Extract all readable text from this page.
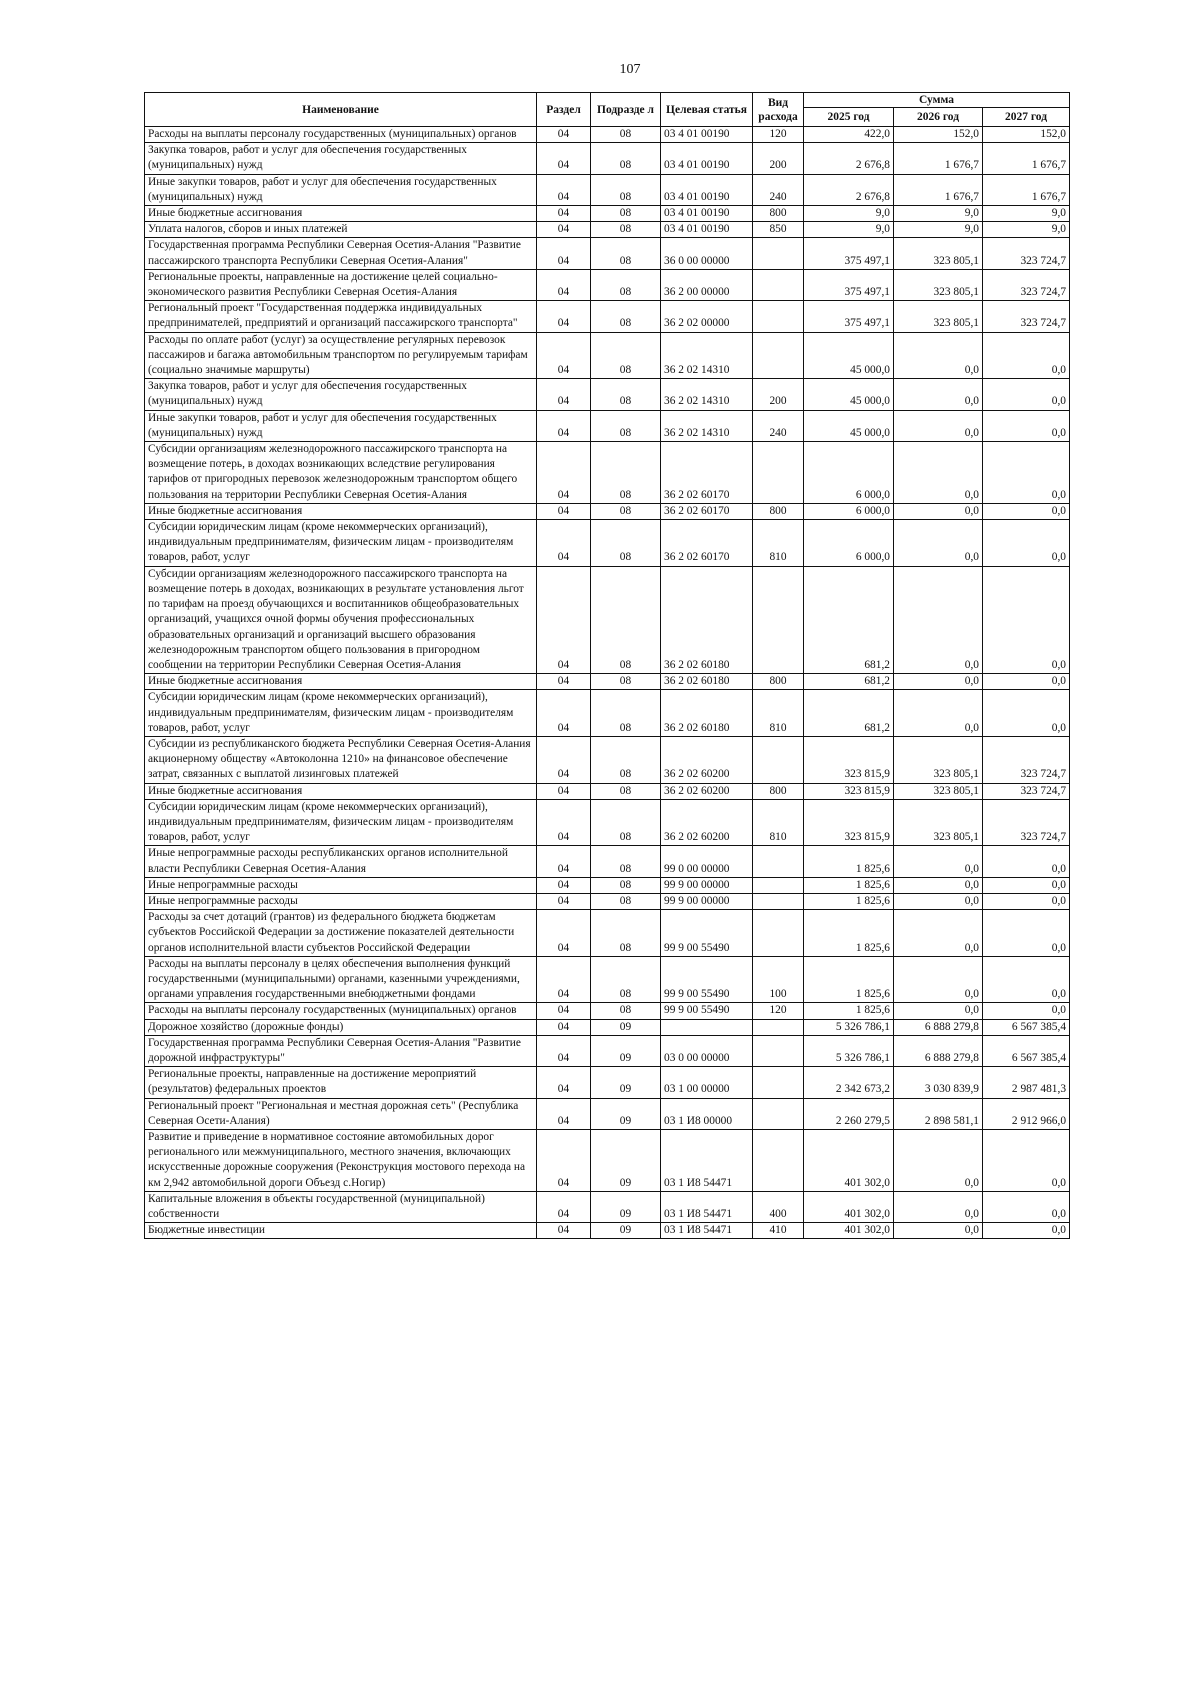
107
Наименование	Раздел	Подразде л	Целевая статья	Вид расхода	Сумма		
					2025 год	2026 год	2027 год
Расходы на выплаты персоналу государственных (муниципальных) органов	04	08	03 4 01 00190	120	422,0	152,0	152,0
Закупка товаров, работ и услуг для обеспечения государственных (муниципальных) нужд	04	08	03 4 01 00190	200	2 676,8	1 676,7	1 676,7
Иные закупки товаров, работ и услуг для обеспечения государственных (муниципальных) нужд	04	08	03 4 01 00190	240	2 676,8	1 676,7	1 676,7
Иные бюджетные ассигнования	04	08	03 4 01 00190	800	9,0	9,0	9,0
Уплата налогов, сборов и иных платежей	04	08	03 4 01 00190	850	9,0	9,0	9,0
Государственная программа Республики Северная Осетия-Алания "Развитие пассажирского транспорта Республики Северная Осетия-Алания"	04	08	36 0 00 00000		375 497,1	323 805,1	323 724,7
Региональные проекты, направленные на достижение целей социально-экономического развития Республики Северная Осетия-Алания	04	08	36 2 00 00000		375 497,1	323 805,1	323 724,7
Региональный проект "Государственная поддержка индивидуальных предпринимателей, предприятий и организаций пассажирского транспорта"	04	08	36 2 02 00000		375 497,1	323 805,1	323 724,7
Расходы по оплате работ (услуг) за осуществление регулярных перевозок пассажиров и багажа автомобильным транспортом по регулируемым тарифам (социально значимые маршруты)	04	08	36 2 02 14310		45 000,0	0,0	0,0
Закупка товаров, работ и услуг для обеспечения государственных (муниципальных) нужд	04	08	36 2 02 14310	200	45 000,0	0,0	0,0
Иные закупки товаров, работ и услуг для обеспечения государственных (муниципальных) нужд	04	08	36 2 02 14310	240	45 000,0	0,0	0,0
Субсидии организациям железнодорожного пассажирского транспорта на возмещение потерь, в доходах возникающих вследствие регулирования тарифов от пригородных перевозок железнодорожным транспортом общего пользования на территории Республики Северная Осетия-Алания	04	08	36 2 02 60170		6 000,0	0,0	0,0
Иные бюджетные ассигнования	04	08	36 2 02 60170	800	6 000,0	0,0	0,0
Субсидии юридическим лицам (кроме некоммерческих организаций), индивидуальным предпринимателям, физическим лицам - производителям товаров, работ, услуг	04	08	36 2 02 60170	810	6 000,0	0,0	0,0
Субсидии организациям железнодорожного пассажирского транспорта на возмещение потерь в доходах, возникающих в результате установления льгот по тарифам на проезд обучающихся и воспитанников общеобразовательных организаций, учащихся очной формы обучения профессиональных образовательных организаций и организаций высшего образования железнодорожным транспортом общего пользования в пригородном сообщении на территории Республики Северная Осетия-Алания	04	08	36 2 02 60180		681,2	0,0	0,0
Иные бюджетные ассигнования	04	08	36 2 02 60180	800	681,2	0,0	0,0
Субсидии юридическим лицам (кроме некоммерческих организаций), индивидуальным предпринимателям, физическим лицам - производителям товаров, работ, услуг	04	08	36 2 02 60180	810	681,2	0,0	0,0
Субсидии из республиканского бюджета Республики Северная Осетия-Алания акционерному обществу «Автоколонна 1210» на финансовое обеспечение затрат, связанных с выплатой лизинговых платежей	04	08	36 2 02 60200		323 815,9	323 805,1	323 724,7
Иные бюджетные ассигнования	04	08	36 2 02 60200	800	323 815,9	323 805,1	323 724,7
Субсидии юридическим лицам (кроме некоммерческих организаций), индивидуальным предпринимателям, физическим лицам - производителям товаров, работ, услуг	04	08	36 2 02 60200	810	323 815,9	323 805,1	323 724,7
Иные непрограммные расходы республиканских органов исполнительной власти Республики Северная Осетия-Алания	04	08	99 0 00 00000		1 825,6	0,0	0,0
Иные непрограммные расходы	04	08	99 9 00 00000		1 825,6	0,0	0,0
Иные непрограммные расходы	04	08	99 9 00 00000		1 825,6	0,0	0,0
Расходы за счет дотаций (грантов) из федерального бюджета бюджетам субъектов Российской Федерации за достижение показателей деятельности органов исполнительной власти субъектов Российской Федерации	04	08	99 9 00 55490		1 825,6	0,0	0,0
Расходы на выплаты персоналу в целях обеспечения выполнения функций государственными (муниципальными) органами, казенными учреждениями, органами управления государственными внебюджетными фондами	04	08	99 9 00 55490	100	1 825,6	0,0	0,0
Расходы на выплаты персоналу государственных (муниципальных) органов	04	08	99 9 00 55490	120	1 825,6	0,0	0,0
Дорожное хозяйство (дорожные фонды)	04	09			5 326 786,1	6 888 279,8	6 567 385,4
Государственная программа Республики Северная Осетия-Алания "Развитие дорожной инфраструктуры"	04	09	03 0 00 00000		5 326 786,1	6 888 279,8	6 567 385,4
Региональные проекты, направленные на достижение мероприятий (результатов) федеральных проектов	04	09	03 1 00 00000		2 342 673,2	3 030 839,9	2 987 481,3
Региональный проект "Региональная и местная дорожная сеть" (Республика Северная Осети-Алания)	04	09	03 1 И8 00000		2 260 279,5	2 898 581,1	2 912 966,0
Развитие и приведение в нормативное состояние автомобильных дорог регионального или межмуниципального, местного значения, включающих искусственные дорожные сооружения (Реконструкция мостового перехода на км 2,942 автомобильной дороги Объезд с.Ногир)	04	09	03 1 И8 54471		401 302,0	0,0	0,0
Капитальные вложения в объекты государственной (муниципальной) собственности	04	09	03 1 И8 54471	400	401 302,0	0,0	0,0
Бюджетные инвестиции	04	09	03 1 И8 54471	410	401 302,0	0,0	0,0
